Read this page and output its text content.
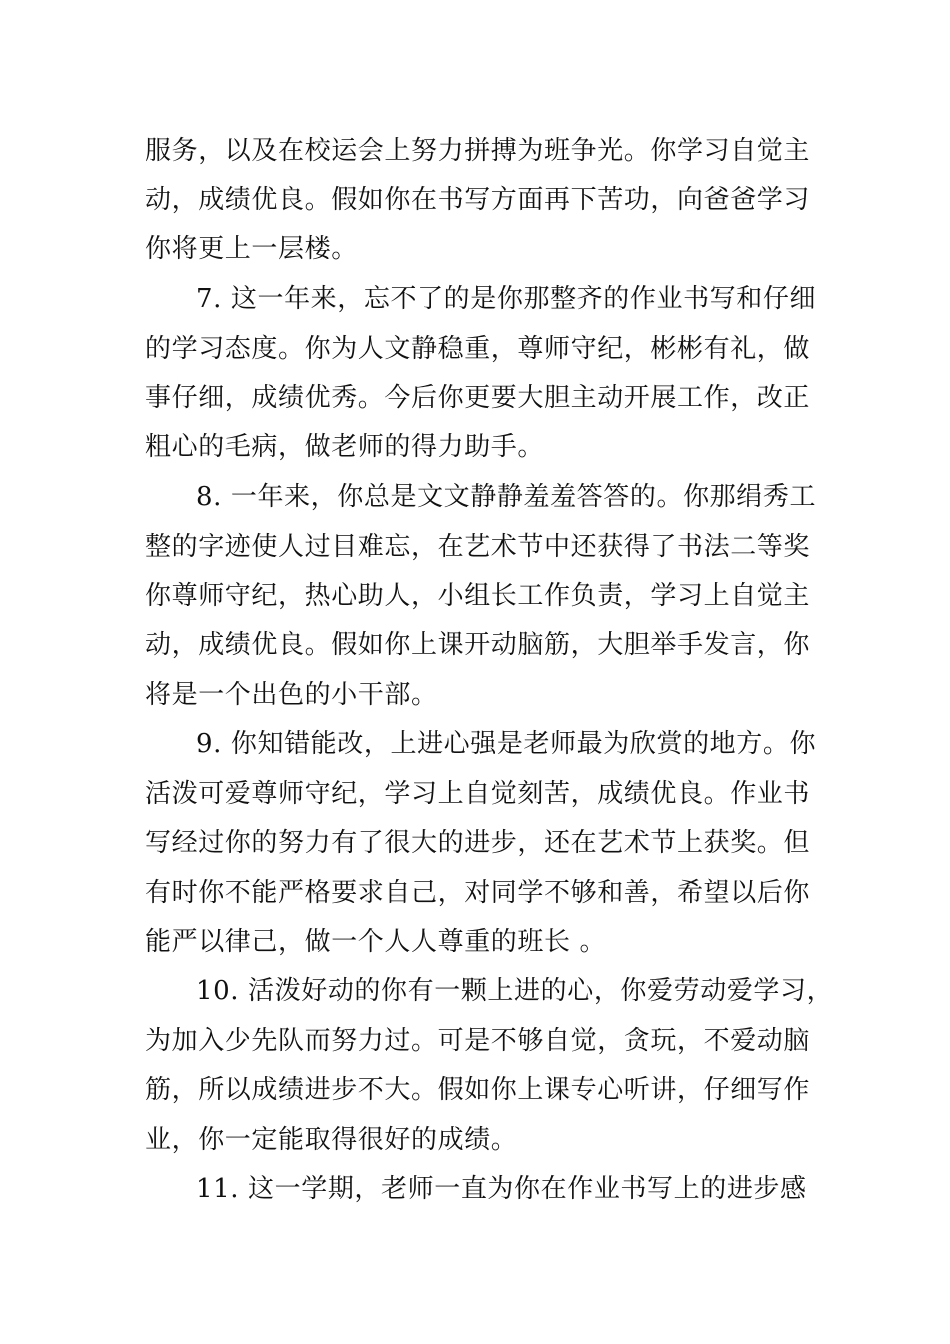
服务，以及在校运会上努力拼搏为班争光。你学习自觉主
动，成绩优良。假如你在书写方面再下苦功，向爸爸学习
你将更上一层楼。
7. 这一年来，忘不了的是你那整齐的作业书写和仔细
的学习态度。你为人文静稳重，尊师守纪，彬彬有礼，做
事仔细，成绩优秀。今后你更要大胆主动开展工作，改正
粗心的毛病，做老师的得力助手。
8. 一年来，你总是文文静静羞羞答答的。你那绢秀工
整的字迹使人过目难忘，在艺术节中还获得了书法二等奖
你尊师守纪，热心助人，小组长工作负责，学习上自觉主
动，成绩优良。假如你上课开动脑筋，大胆举手发言，你
将是一个出色的小干部。
9. 你知错能改，上进心强是老师最为欣赏的地方。你
活泼可爱尊师守纪，学习上自觉刻苦，成绩优良。作业书
写经过你的努力有了很大的进步，还在艺术节上获奖。但
有时你不能严格要求自己，对同学不够和善，希望以后你
能严以律己，做一个人人尊重的班长 。
10. 活泼好动的你有一颗上进的心，你爱劳动爱学习，
为加入少先队而努力过。可是不够自觉，贪玩，不爱动脑
筋，所以成绩进步不大。假如你上课专心听讲，仔细写作
业，你一定能取得很好的成绩。
11. 这一学期，老师一直为你在作业书写上的进步感
